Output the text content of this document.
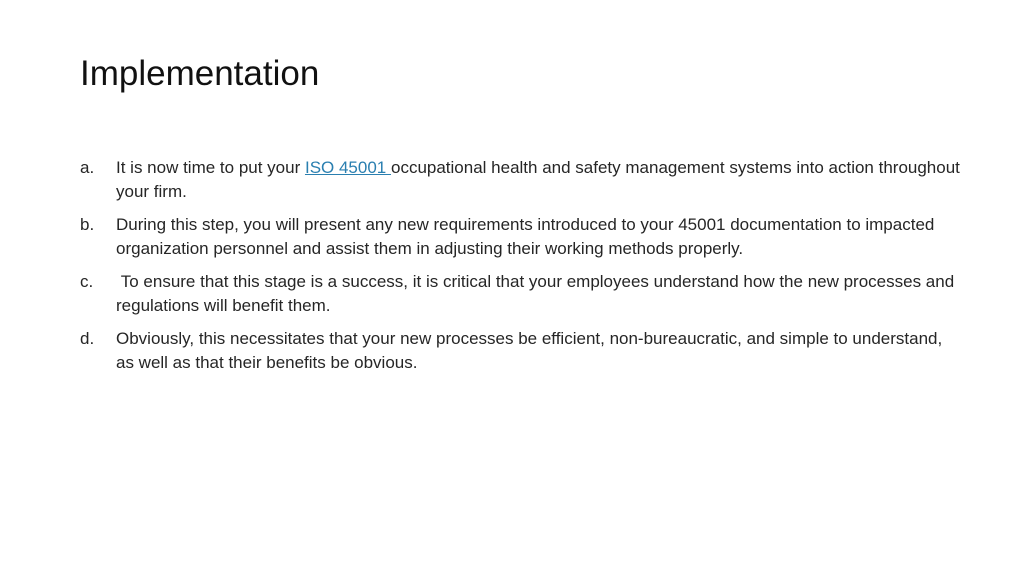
Implementation
a.	It is now time to put your ISO 45001 occupational health and safety management systems into action throughout your firm.
b.	During this step, you will present any new requirements introduced to your 45001 documentation to impacted organization personnel and assist them in adjusting their working methods properly.
c.	To ensure that this stage is a success, it is critical that your employees understand how the new processes and regulations will benefit them.
d.	Obviously, this necessitates that your new processes be efficient, non-bureaucratic, and simple to understand, as well as that their benefits be obvious.
